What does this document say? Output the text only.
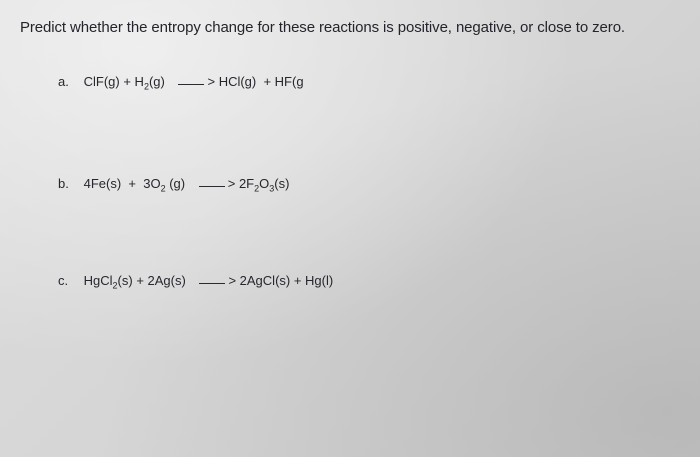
Predict whether the entropy change for these reactions is positive, negative, or close to zero.
a. $ClF(g) + H_2(g)$	> HCl(g)  + HF(g
b. $4Fe(s) + 3O_2$ (g)	> $2F_2O_3(s)$
c. HgCl$_2$(s) + 2Ag(s)	> 2AgCl(s) + Hg(l)
